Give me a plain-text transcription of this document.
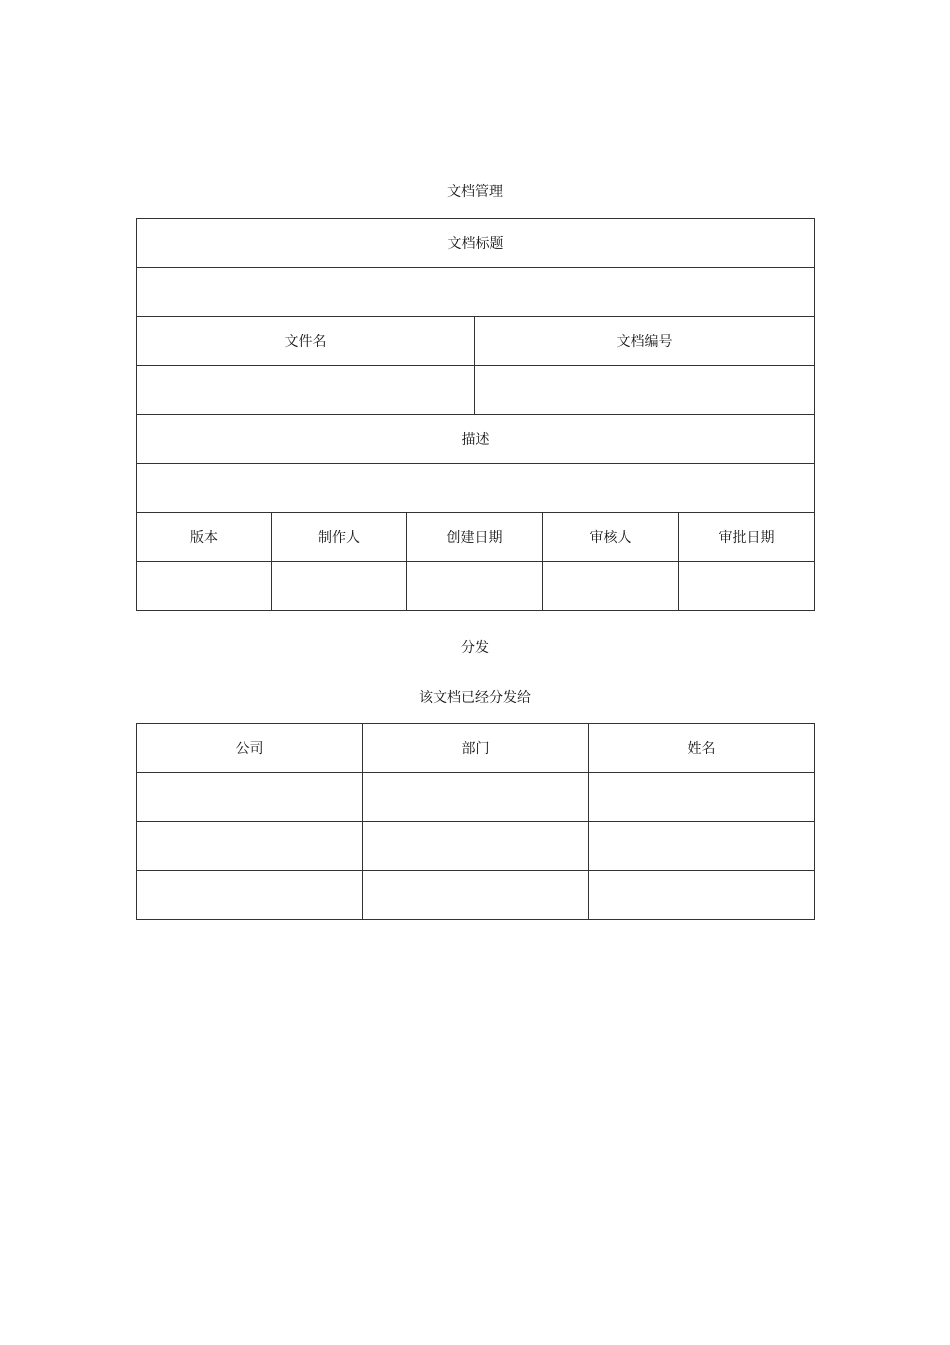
文档管理
文档标题					

文件名			文档编号		

描述					

版本	制作人	创建日期		审核人	审批日期

分发
该文档已经分发给
公司	部门	姓名
